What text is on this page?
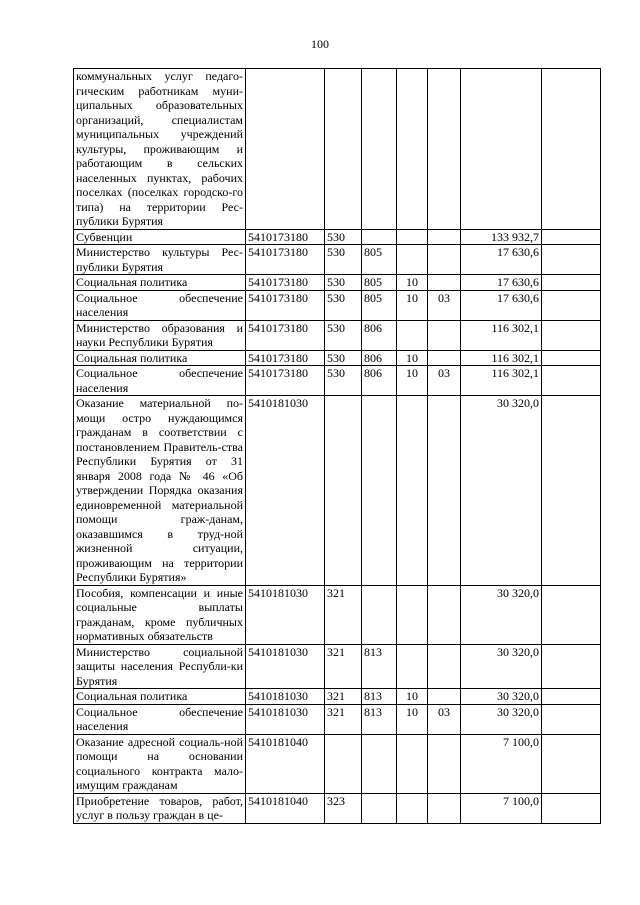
100
коммунальных услуг педаго-гическим работникам муни-ципальных образовательных организаций, специалистам муниципальных учреждений культуры, проживающим и работающим в сельских населенных пунктах, рабочих поселках (поселках городско-го типа) на территории Рес-публики Бурятия							
Субвенции	5410173180	530				133 932,7	
Министерство культуры Рес-публики Бурятия	5410173180	530	805			17 630,6	
Социальная политика	5410173180	530	805	10		17 630,6	
Социальное обеспечение населения	5410173180	530	805	10	03	17 630,6	
Министерство образования и науки Республики Бурятия	5410173180	530	806			116 302,1	
Социальная политика	5410173180	530	806	10		116 302,1	
Социальное обеспечение населения	5410173180	530	806	10	03	116 302,1	
Оказание материальной по-мощи остро нуждающимся гражданам в соответствии с постановлением Правитель-ства Республики Бурятия от 31 января 2008 года № 46 «Об утверждении Порядка оказания единовременной материальной помощи граж-данам, оказавшимся в труд-ной жизненной ситуации, проживающим на территории Республики Бурятия»	5410181030					30 320,0	
Пособия, компенсации и иные социальные выплаты гражданам, кроме публичных нормативных обязательств	5410181030	321				30 320,0	
Министерство социальной защиты населения Республи-ки Бурятия	5410181030	321	813			30 320,0	
Социальная политика	5410181030	321	813	10		30 320,0	
Социальное обеспечение населения	5410181030	321	813	10	03	30 320,0	
Оказание адресной социаль-ной помощи на основании социального контракта мало-имущим гражданам	5410181040					7 100,0	
Приобретение товаров, работ, услуг в пользу граждан в це-	5410181040	323				7 100,0	
